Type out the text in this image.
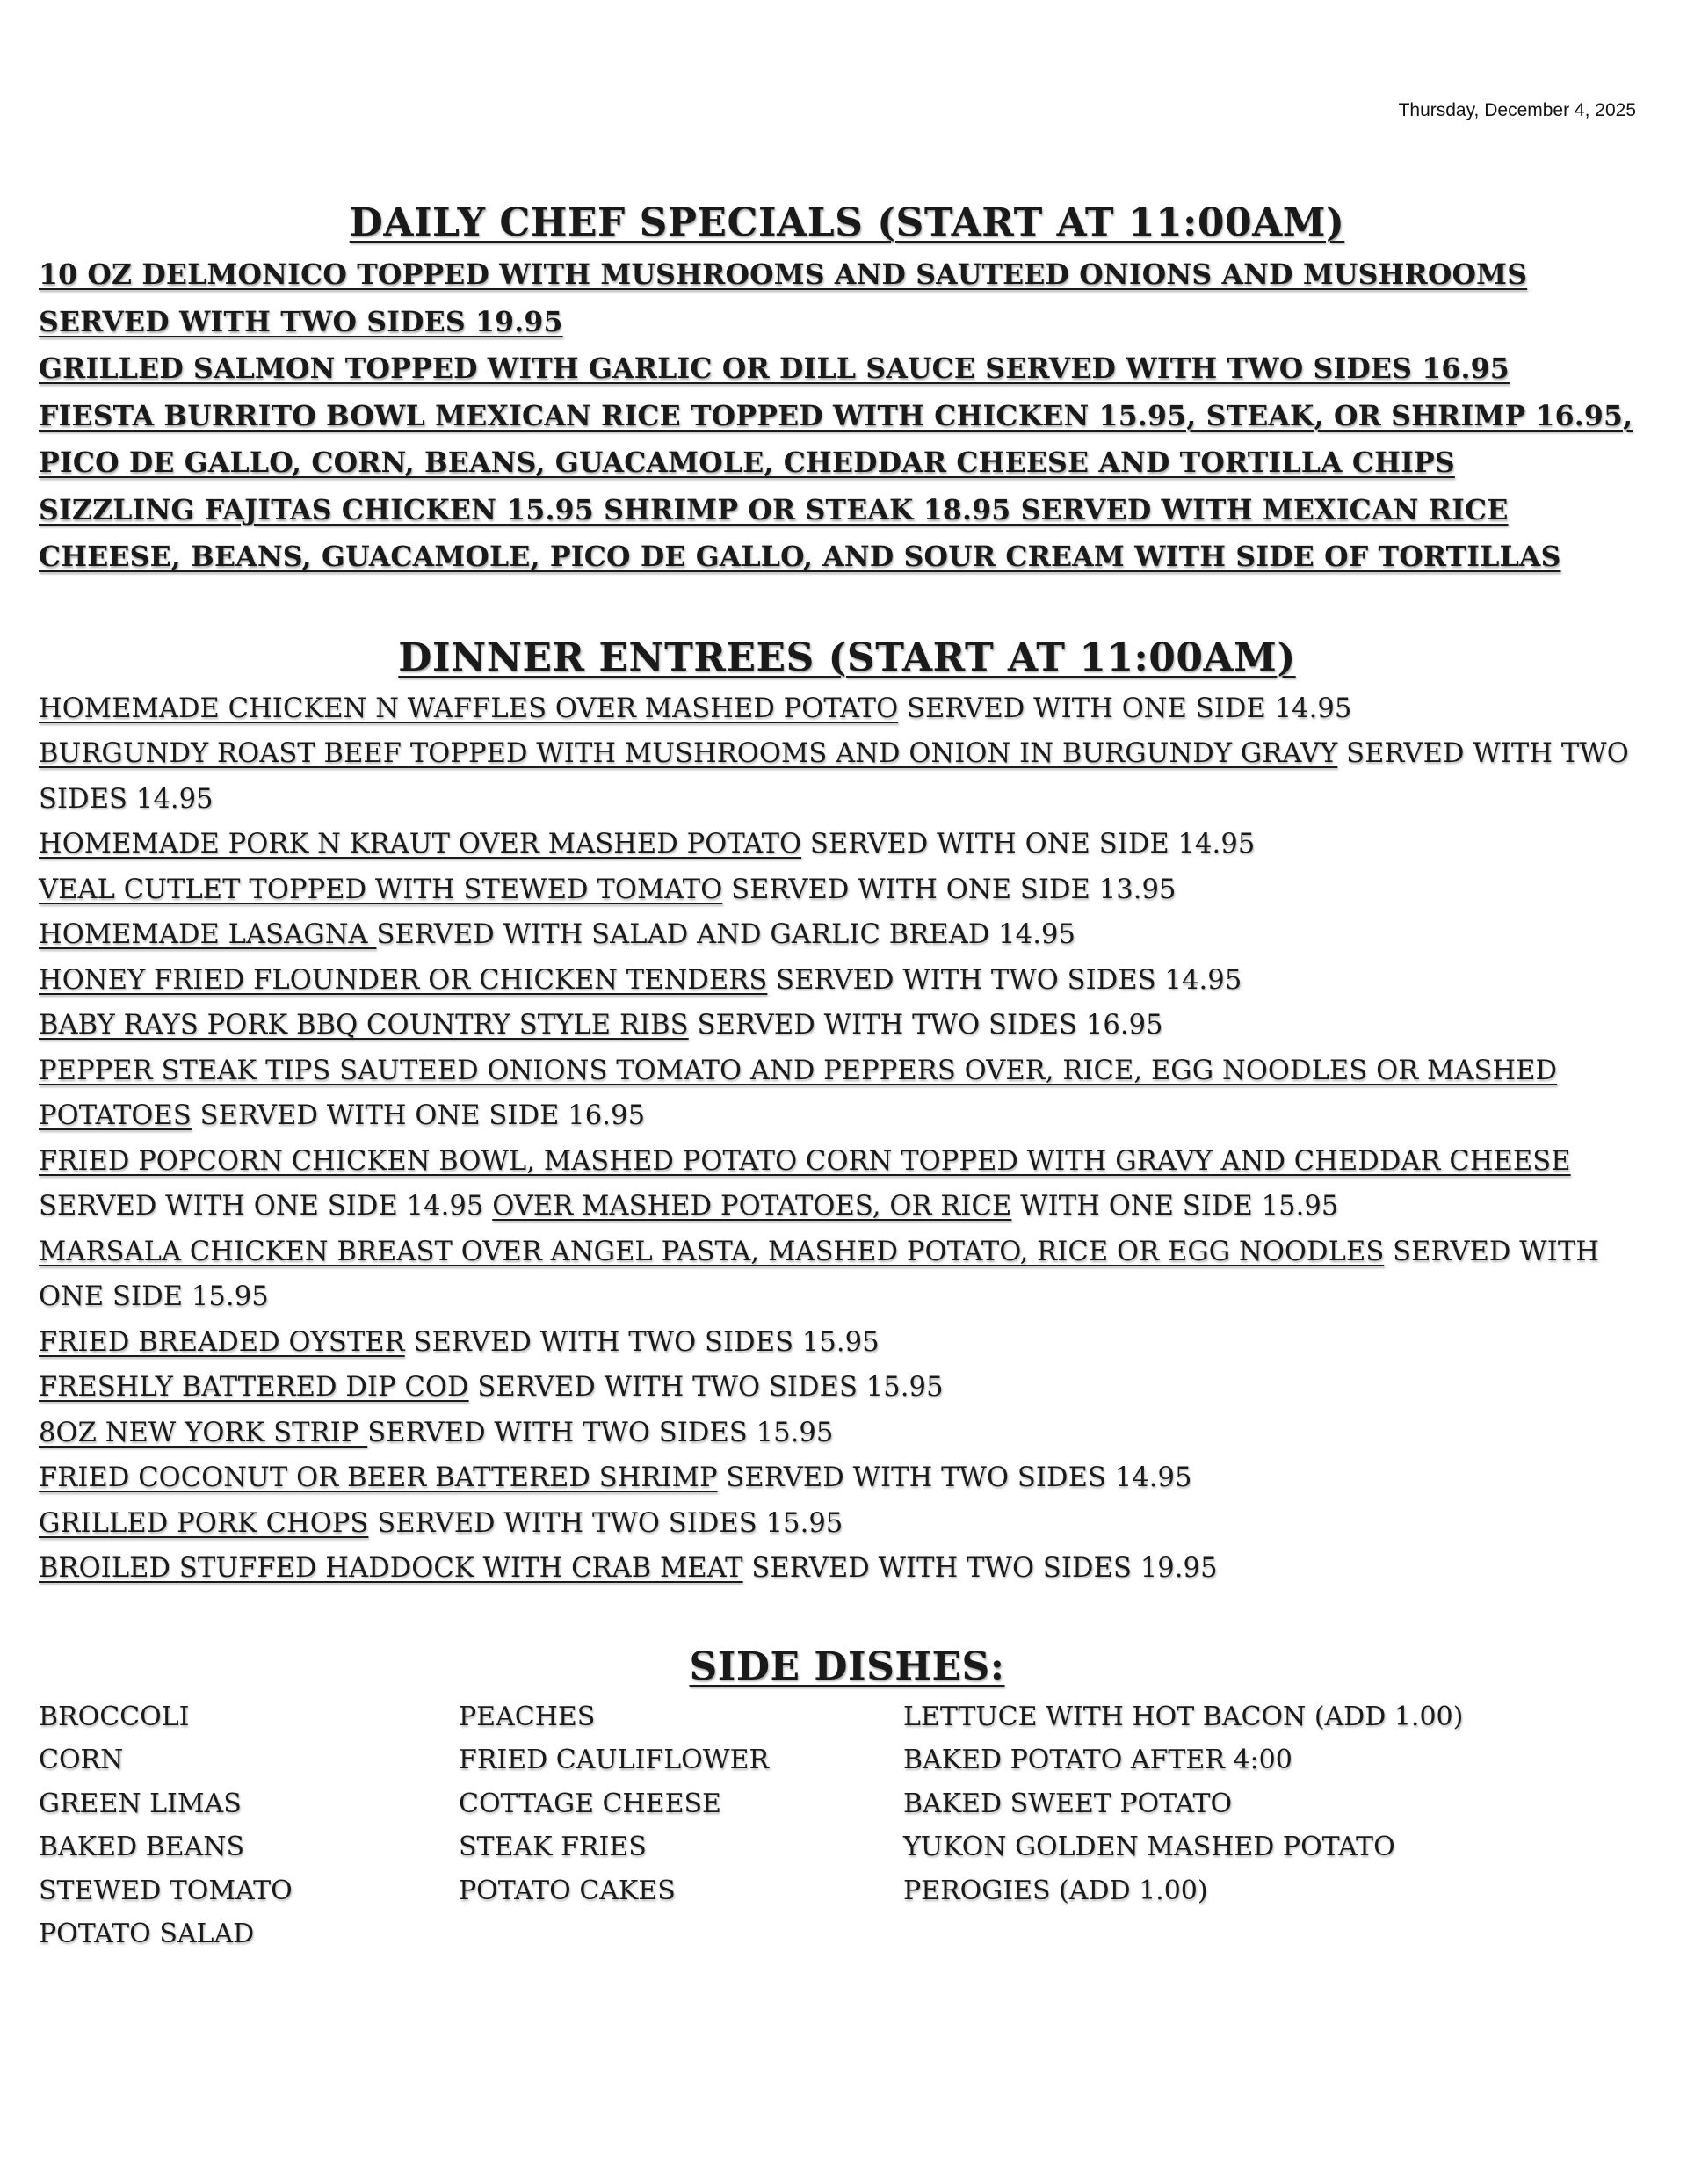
Thursday, December 4, 2025
DAILY CHEF SPECIALS (START AT 11:00AM)
10 OZ DELMONICO TOPPED WITH MUSHROOMS AND SAUTEED ONIONS AND MUSHROOMS SERVED WITH TWO SIDES 19.95
GRILLED SALMON TOPPED WITH GARLIC OR DILL SAUCE SERVED WITH TWO SIDES 16.95
FIESTA BURRITO BOWL MEXICAN RICE TOPPED WITH CHICKEN 15.95, STEAK, OR SHRIMP 16.95, PICO DE GALLO, CORN, BEANS, GUACAMOLE, CHEDDAR CHEESE AND TORTILLA CHIPS
SIZZLING FAJITAS CHICKEN 15.95 SHRIMP OR STEAK 18.95 SERVED WITH MEXICAN RICE CHEESE, BEANS, GUACAMOLE, PICO DE GALLO, AND SOUR CREAM WITH SIDE OF TORTILLAS
DINNER ENTREES (START AT 11:00AM)
HOMEMADE CHICKEN N WAFFLES OVER MASHED POTATO SERVED WITH ONE SIDE 14.95
BURGUNDY ROAST BEEF TOPPED WITH MUSHROOMS AND ONION IN BURGUNDY GRAVY SERVED WITH TWO SIDES 14.95
HOMEMADE PORK N KRAUT OVER MASHED POTATO SERVED WITH ONE SIDE 14.95
VEAL CUTLET TOPPED WITH STEWED TOMATO SERVED WITH ONE SIDE 13.95
HOMEMADE LASAGNA SERVED WITH SALAD AND GARLIC BREAD 14.95
HONEY FRIED FLOUNDER OR CHICKEN TENDERS SERVED WITH TWO SIDES 14.95
BABY RAYS PORK BBQ COUNTRY STYLE RIBS SERVED WITH TWO SIDES 16.95
PEPPER STEAK TIPS SAUTEED ONIONS TOMATO AND PEPPERS OVER, RICE, EGG NOODLES OR MASHED POTATOES SERVED WITH ONE SIDE 16.95
FRIED POPCORN CHICKEN BOWL, MASHED POTATO CORN TOPPED WITH GRAVY AND CHEDDAR CHEESE SERVED WITH ONE SIDE 14.95 OVER MASHED POTATOES, OR RICE WITH ONE SIDE 15.95
MARSALA CHICKEN BREAST OVER ANGEL PASTA, MASHED POTATO, RICE OR EGG NOODLES SERVED WITH ONE SIDE 15.95
FRIED BREADED OYSTER SERVED WITH TWO SIDES 15.95
FRESHLY BATTERED DIP COD SERVED WITH TWO SIDES 15.95
8OZ NEW YORK STRIP SERVED WITH TWO SIDES 15.95
FRIED COCONUT OR BEER BATTERED SHRIMP SERVED WITH TWO SIDES 14.95
GRILLED PORK CHOPS SERVED WITH TWO SIDES 15.95
BROILED STUFFED HADDOCK WITH CRAB MEAT SERVED WITH TWO SIDES 19.95
SIDE DISHES:
BROCCOLI
CORN
GREEN LIMAS
BAKED BEANS
STEWED TOMATO
POTATO SALAD
PEACHES
FRIED CAULIFLOWER
COTTAGE CHEESE
STEAK FRIES
POTATO CAKES
LETTUCE WITH HOT BACON (ADD 1.00)
BAKED POTATO AFTER 4:00
BAKED SWEET POTATO
YUKON GOLDEN MASHED POTATO
PEROGIES (ADD 1.00)
